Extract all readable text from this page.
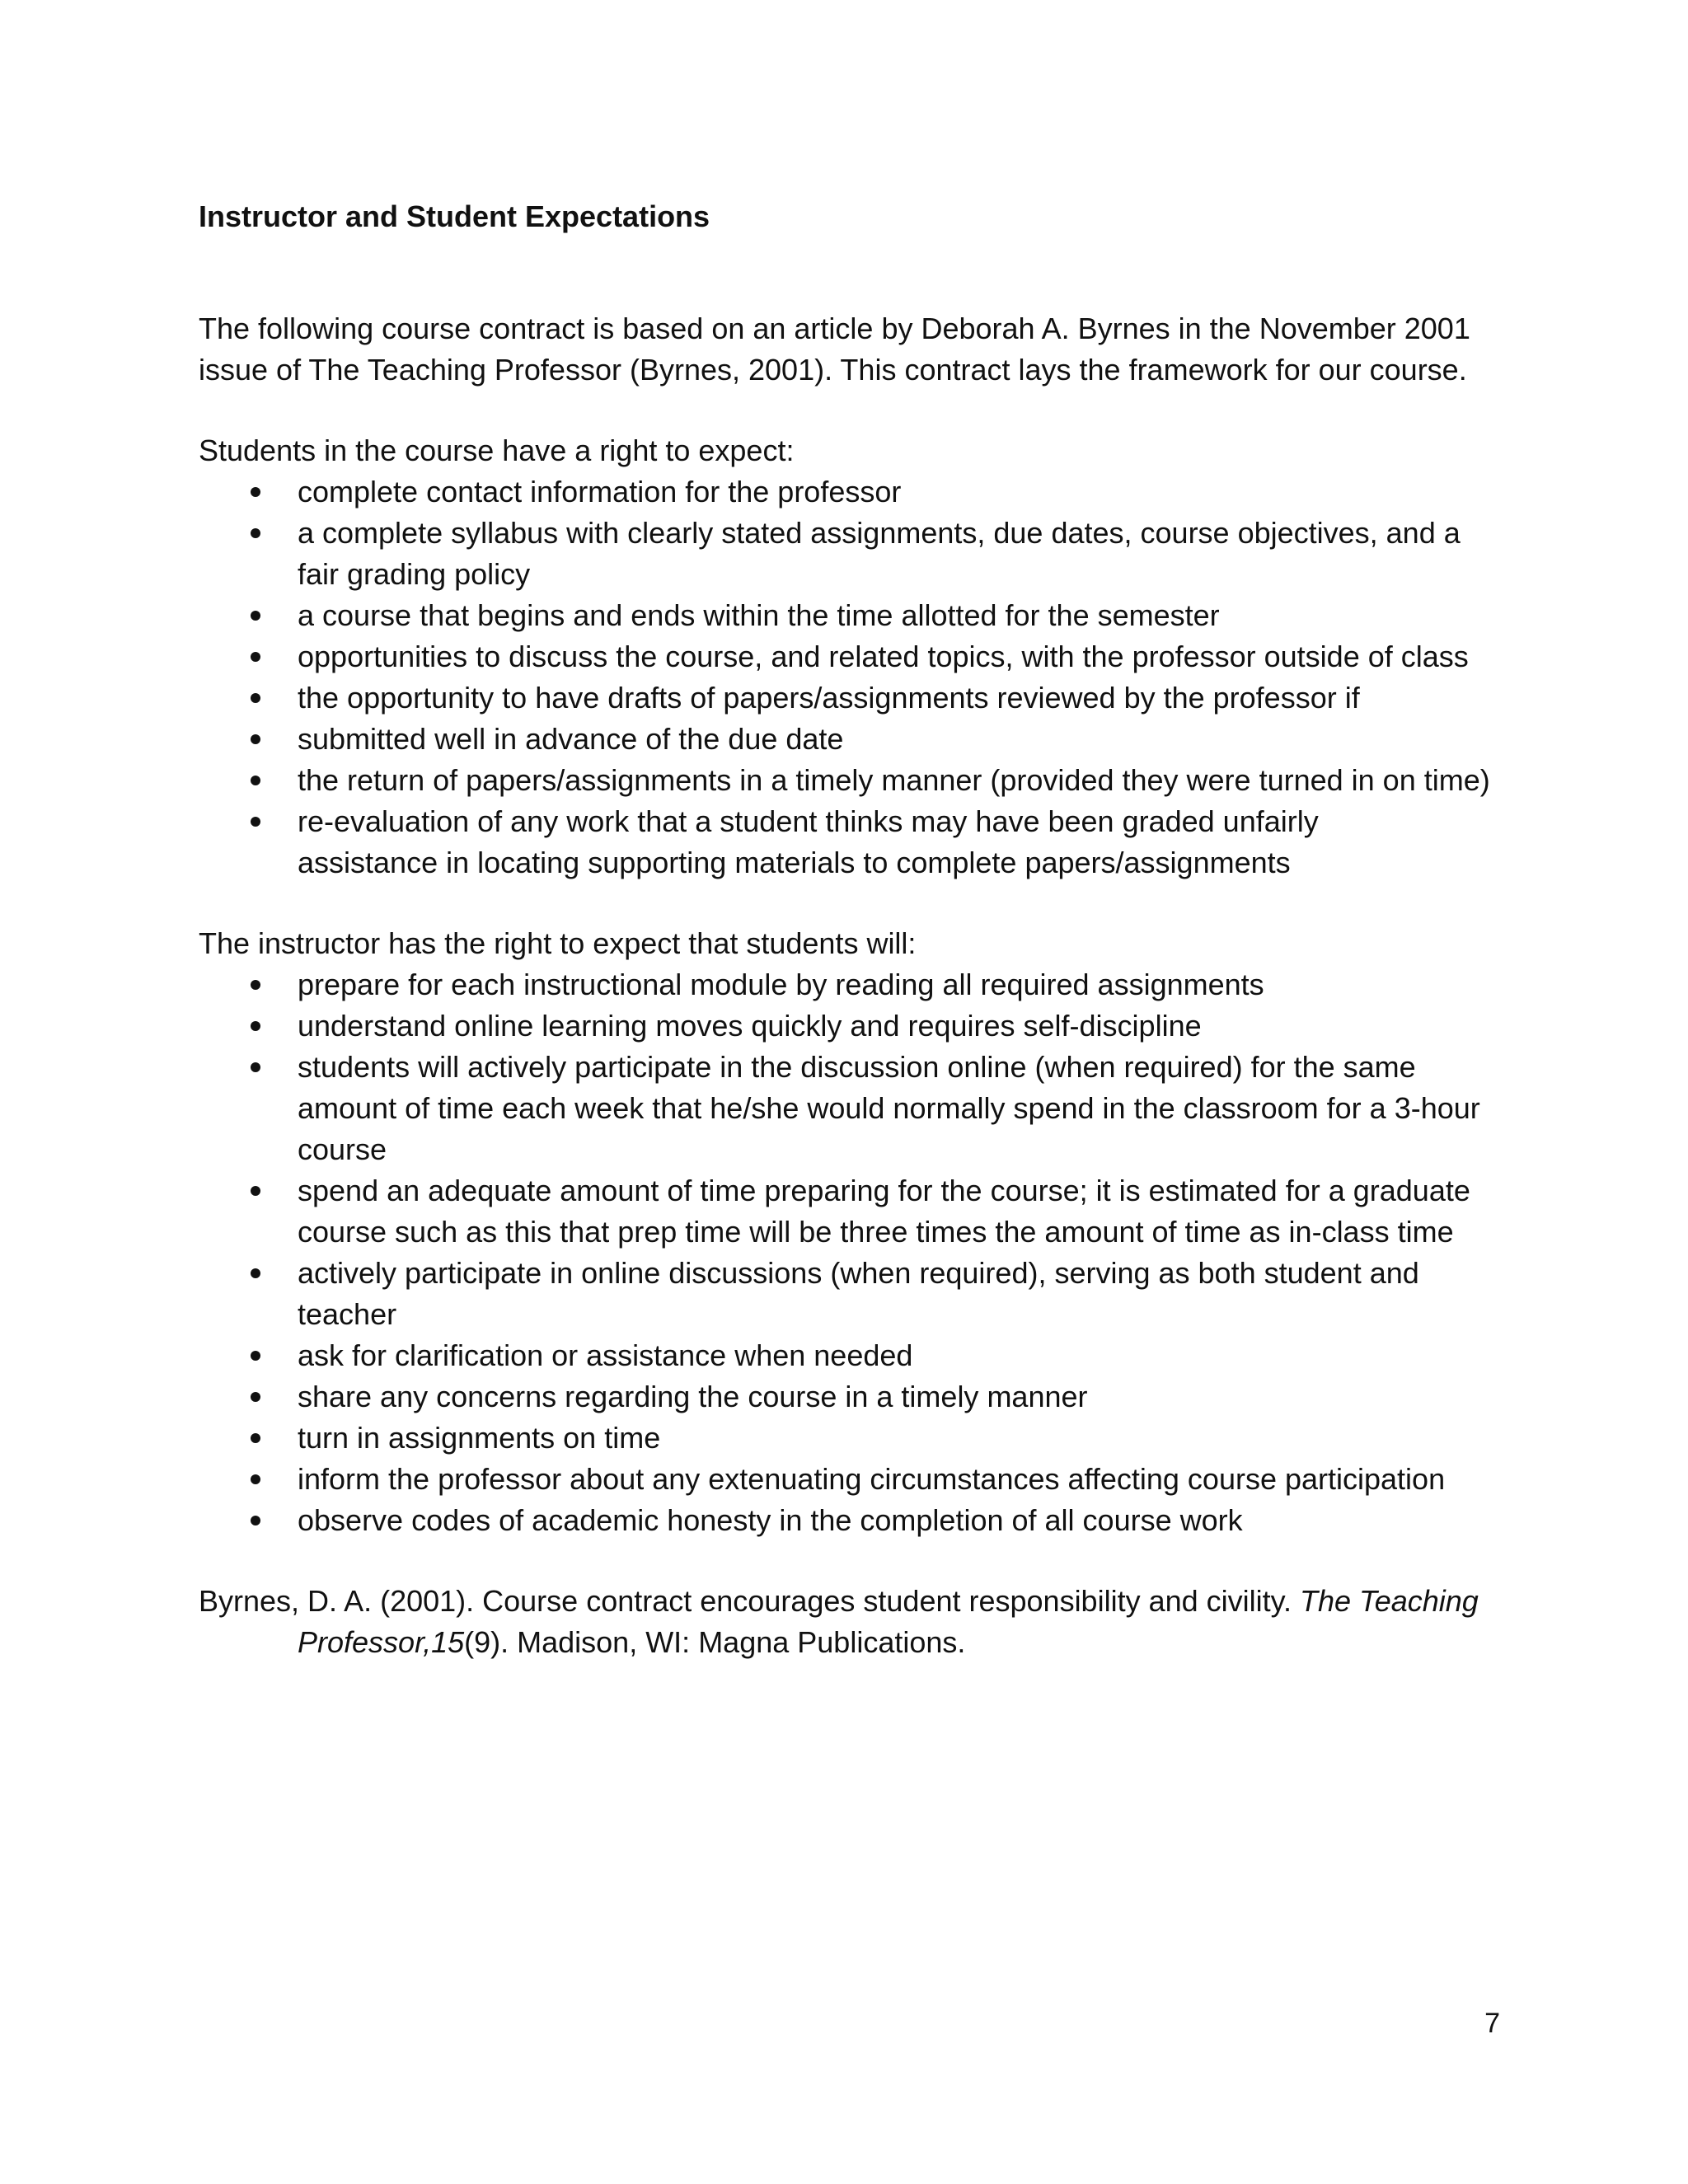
Instructor and Student Expectations

The following course contract is based on an article by Deborah A. Byrnes in the November 2001 issue of The Teaching Professor (Byrnes, 2001). This contract lays the framework for our course.

Students in the course have a right to expect:

complete contact information for the professor
a complete syllabus with clearly stated assignments, due dates, course objectives, and a fair grading policy
a course that begins and ends within the time allotted for the semester
opportunities to discuss the course, and related topics, with the professor outside of class
the opportunity to have drafts of papers/assignments reviewed by the professor if
submitted well in advance of the due date
the return of papers/assignments in a timely manner (provided they were turned in on time)
re-evaluation of any work that a student thinks may have been graded unfairly
assistance in locating supporting materials to complete papers/assignments

The instructor has the right to expect that students will:

prepare for each instructional module by reading all required assignments
understand online learning moves quickly and requires self-discipline
students will actively participate in the discussion online (when required) for the same amount of time each week that he/she would normally spend in the classroom for a 3-hour course
spend an adequate amount of time preparing for the course; it is estimated for a graduate course such as this that prep time will be three times the amount of time as in-class time
actively participate in online discussions (when required), serving as both student and teacher
ask for clarification or assistance when needed
share any concerns regarding the course in a timely manner
turn in assignments on time
inform the professor about any extenuating circumstances affecting course participation
observe codes of academic honesty in the completion of all course work

Byrnes, D. A. (2001). Course contract encourages student responsibility and civility. The Teaching Professor,15(9). Madison, WI: Magna Publications.

7
